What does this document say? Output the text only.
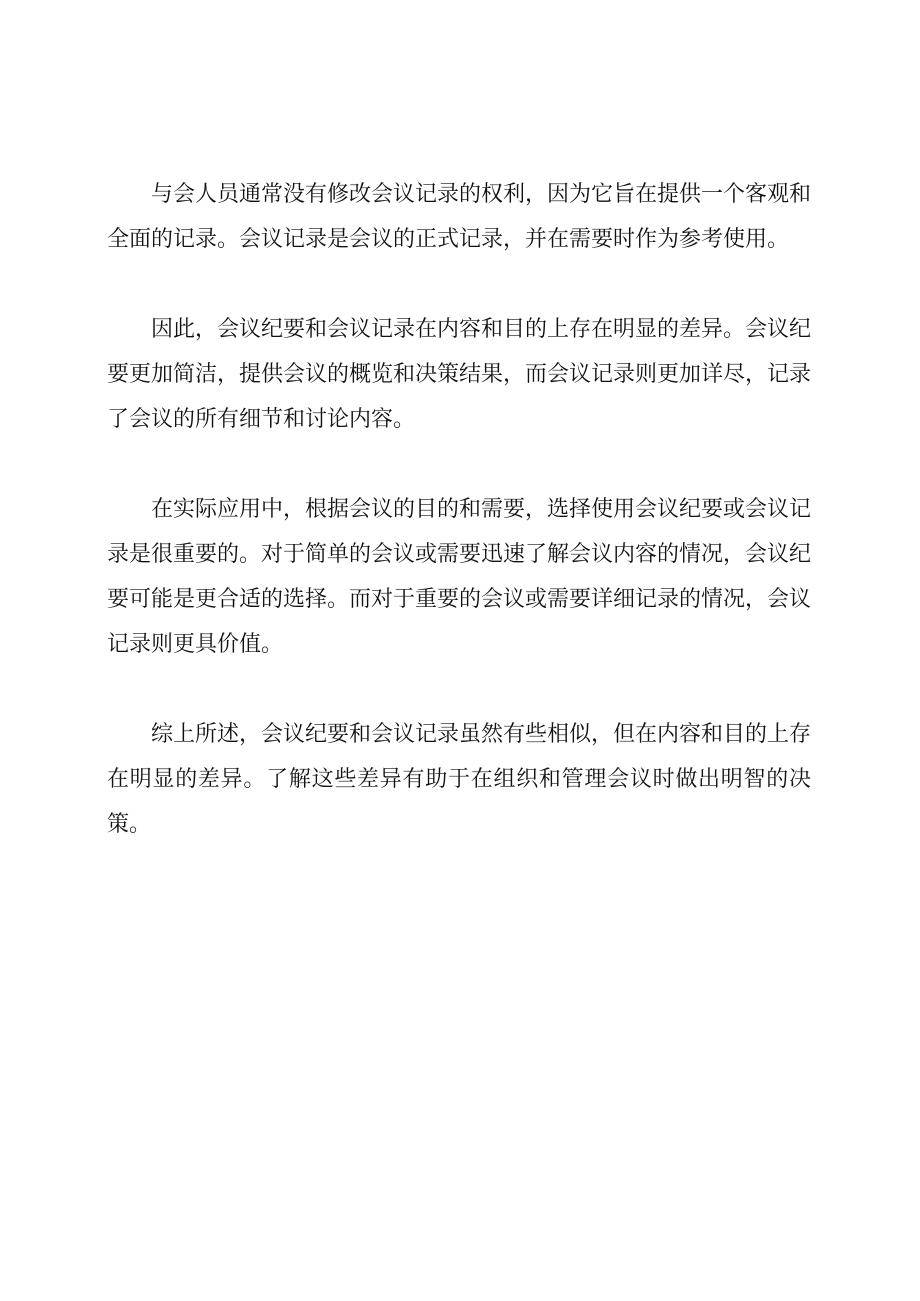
与会人员通常没有修改会议记录的权利，因为它旨在提供一个客观和全面的记录。会议记录是会议的正式记录，并在需要时作为参考使用。

因此，会议纪要和会议记录在内容和目的上存在明显的差异。会议纪要更加简洁，提供会议的概览和决策结果，而会议记录则更加详尽，记录了会议的所有细节和讨论内容。

在实际应用中，根据会议的目的和需要，选择使用会议纪要或会议记录是很重要的。对于简单的会议或需要迅速了解会议内容的情况，会议纪要可能是更合适的选择。而对于重要的会议或需要详细记录的情况，会议记录则更具价值。

综上所述，会议纪要和会议记录虽然有些相似，但在内容和目的上存在明显的差异。了解这些差异有助于在组织和管理会议时做出明智的决策。
